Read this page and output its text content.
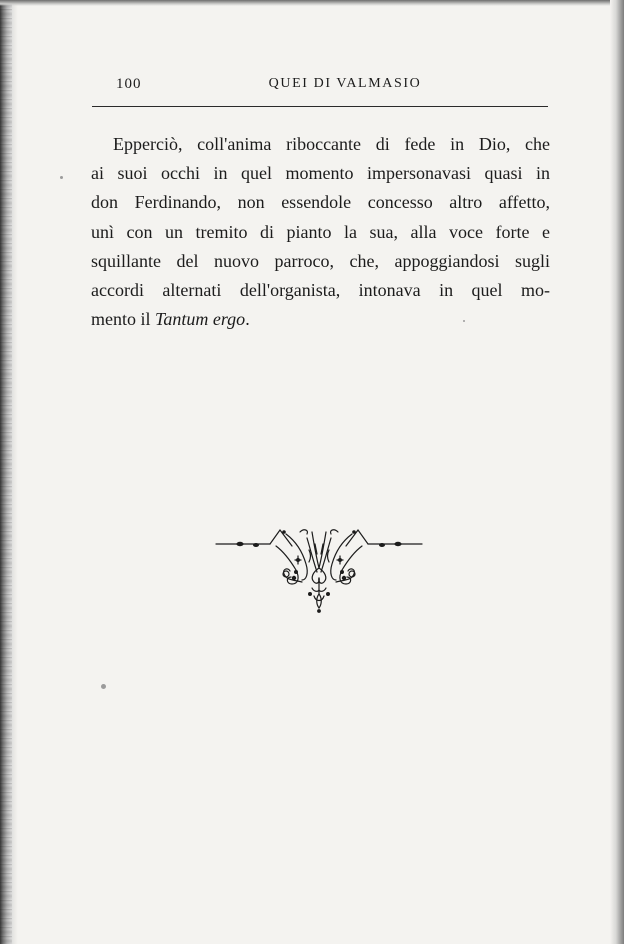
100	QUEI DI VALMASIO
Epperciò, coll'anima riboccante di fede in Dio, che
ai suoi occhi in quel momento impersonavasi quasi in
don Ferdinando, non essendole concesso altro affetto,
unì con un tremito di pianto la sua, alla voce forte e
squillante del nuovo parroco, che, appoggiandosi sugli
accordi alternati dell'organista, intonava in quel mo-
mento il Tantum ergo.
